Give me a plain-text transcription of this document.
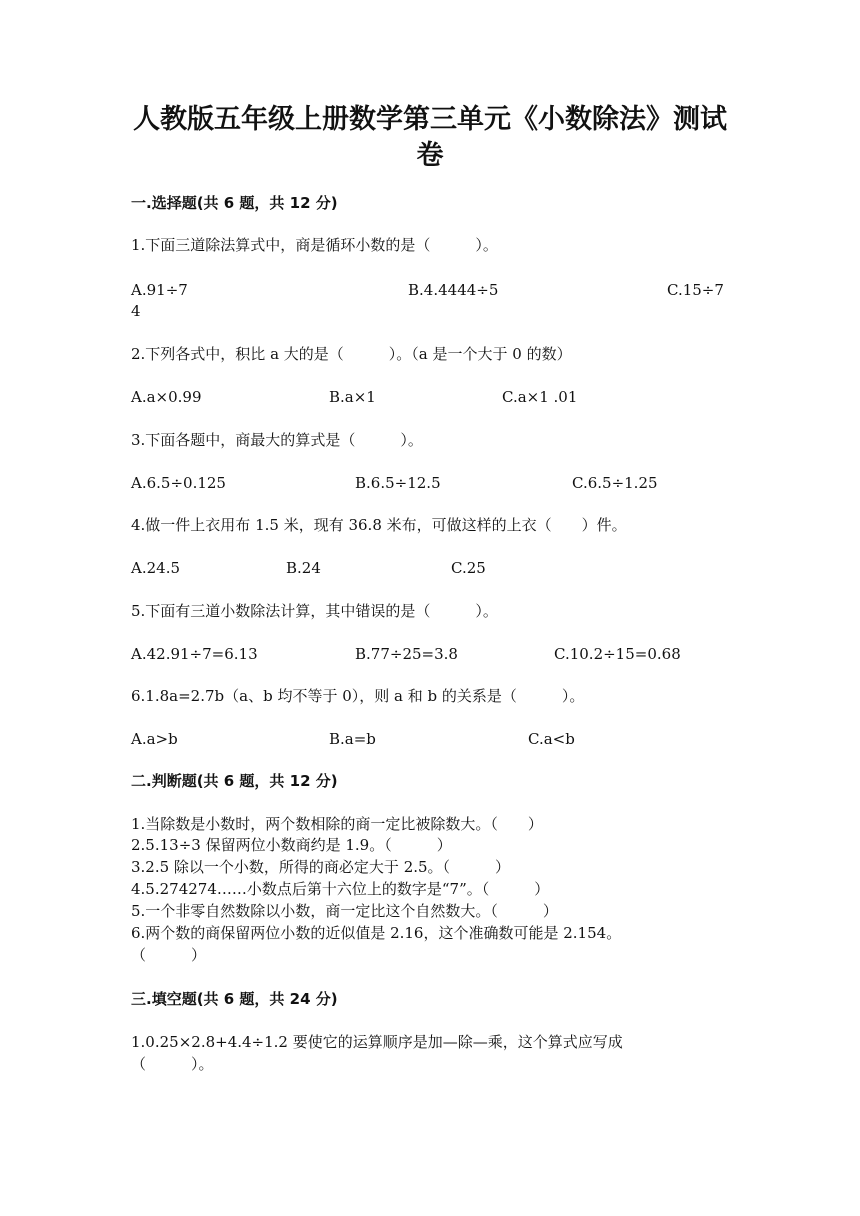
人教版五年级上册数学第三单元《小数除法》测试
卷
一.选择题(共 6 题，共 12 分)
1.下面三道除法算式中，商是循环小数的是（　　　）。
A.91÷7	B.4.4444÷5	C.15÷7
4
2.下列各式中，积比 a 大的是（　　　）。（a 是一个大于 0 的数）
A.a×0.99	B.a×1	C.a×1 .01
3.下面各题中，商最大的算式是（　　　）。
A.6.5÷0.125	B.6.5÷12.5	C.6.5÷1.25
4.做一件上衣用布 1.5 米，现有 36.8 米布，可做这样的上衣（　　）件。
A.24.5	B.24	C.25
5.下面有三道小数除法计算，其中错误的是（　　　）。
A.42.91÷7=6.13	B.77÷25=3.8	C.10.2÷15=0.68
6.1.8a=2.7b（a、b 均不等于 0），则 a 和 b 的关系是（　　　）。
A.a>b	B.a=b	C.a<b
二.判断题(共 6 题，共 12 分)
1.当除数是小数时，两个数相除的商一定比被除数大。（　　）
2.5.13÷3 保留两位小数商约是 1.9。（　　　）
3.2.5 除以一个小数，所得的商必定大于 2.5。（　　　）
4.5.274274……小数点后第十六位上的数字是“7”。（　　　）
5.一个非零自然数除以小数，商一定比这个自然数大。（　　　）
6.两个数的商保留两位小数的近似值是 2.16，这个准确数可能是 2.154。
（　　　）
三.填空题(共 6 题，共 24 分)
1.0.25×2.8+4.4÷1.2 要使它的运算顺序是加—除—乘，这个算式应写成
（　　　）。
